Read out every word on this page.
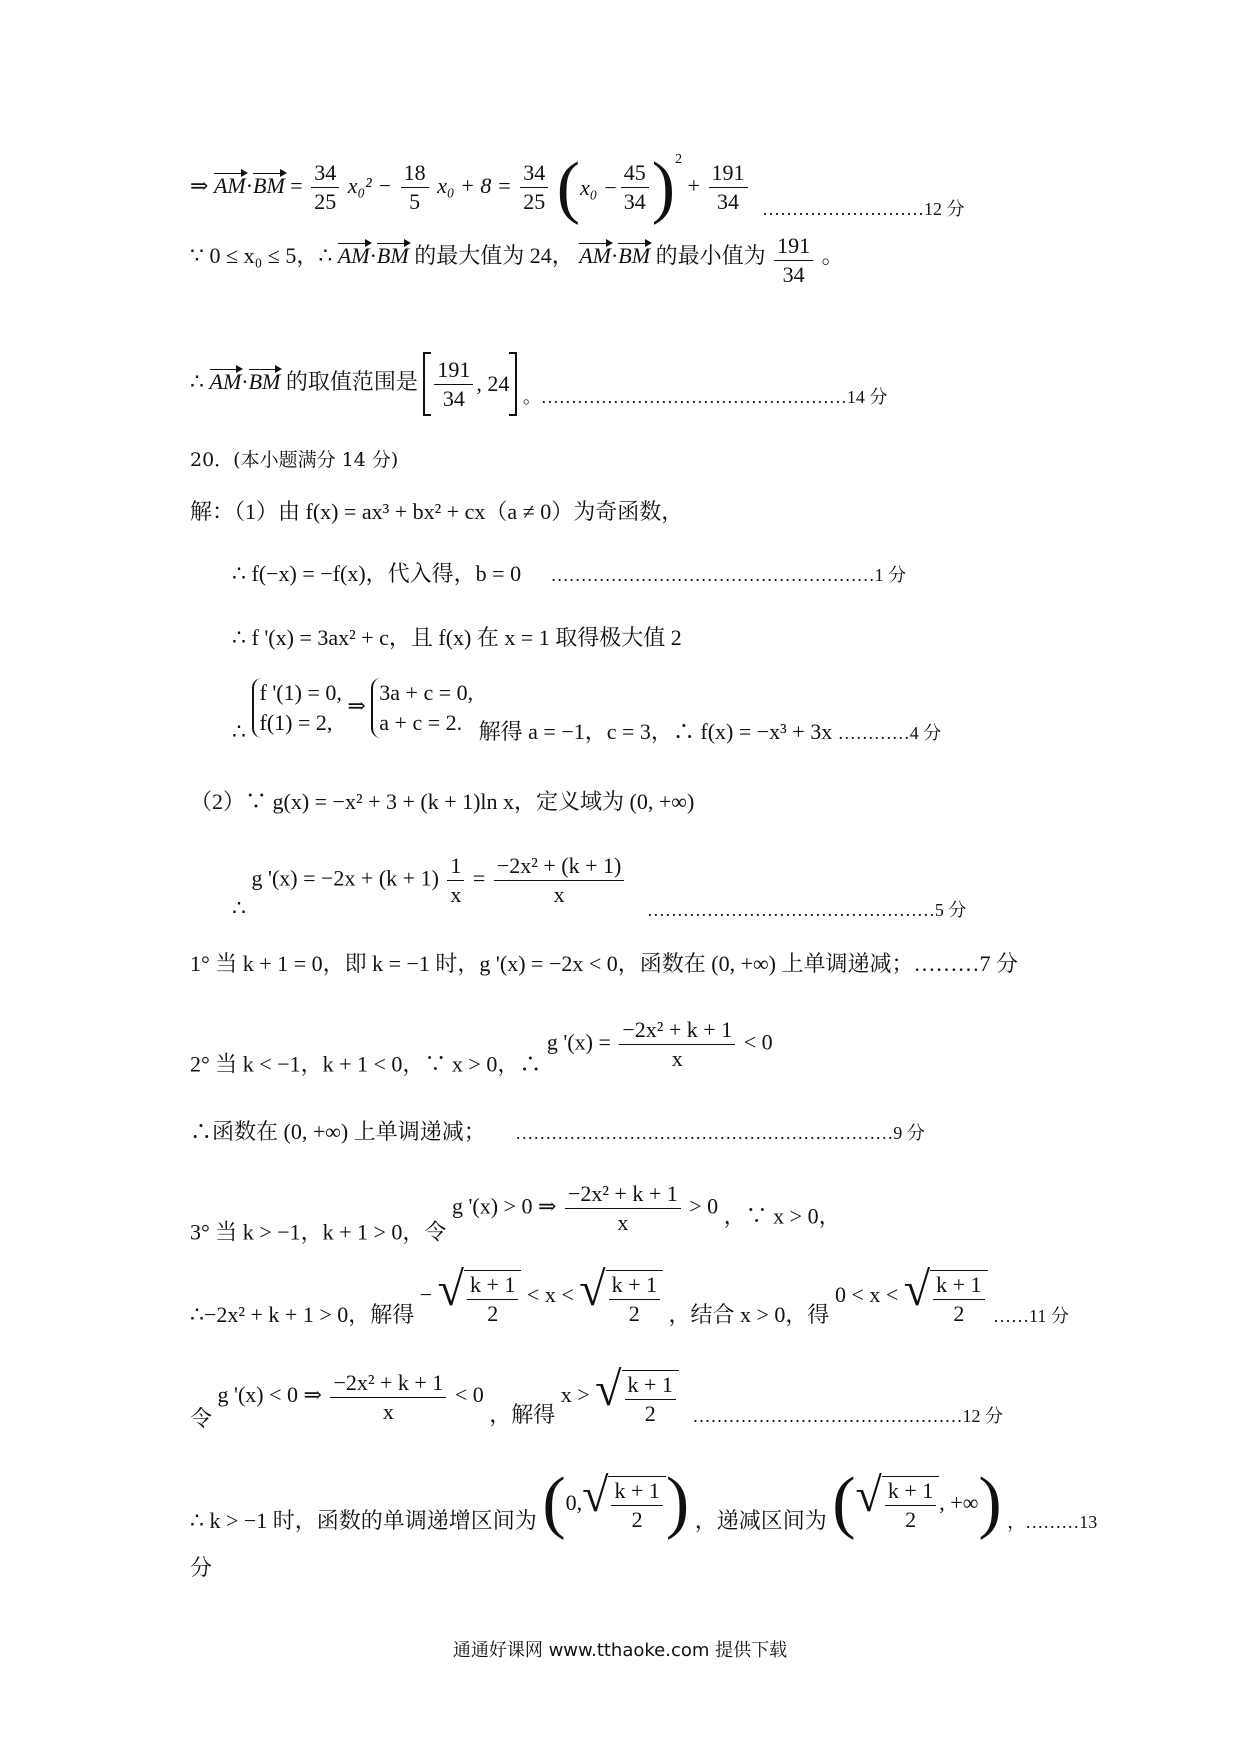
⇒ $AM\cdot BM = \frac{34}{25} x_0^2 - \frac{18}{5} x_0 + 8 = \frac{34}{25}$
( $x_0 - \frac{45}{34}$ ) $^2 + \frac{191}{34} _{\dots\dots\dots\dots\dots\dots\dots\dots\dots 12 分}$
∵ 0 ≤ x₀ ≤ 5，∴ AM·BM 的最大值为 24， AM·BM 的最小值为 $\frac{191}{34}$ 。
∴ AM·BM 的取值范围是 $\frac{191}{34}$ , 24
$_{。\dots\dots\dots\dots\dots\dots\dots\dots\dots\dots\dots\dots\dots\dots\dots\dots\dots 14 分}$
20．(本小题满分 14 分)
解：（1）由 f(x) = ax³ + bx² + cx（a ≠ 0）为奇函数，
∴ f(−x) = −f(x)，代入得，b = 0 ………………………………………………1 分
∴ f '(x) = 3ax² + c，且 f(x) 在 x = 1 取得极大值 2
∴
f '(1) = 0,
f(1) = 2,
⇒
3a + c = 0,
a + c = 2. 解得 a = −1，c = 3，∴ f(x) = −x³ + 3x $_{\dots\dots\dots\dots 4 分}$
（2）∵ g(x) = −x² + 3 + (k + 1)ln x，定义域为 (0, +∞)
∴ g '$(x) = -2x + (k + 1) \frac{1}{x} = \frac{\text{−2x² + (k + 1)}}{x}$
$_{\dots\dots\dots\dots\dots\dots\dots\dots\dots\dots\dots\dots\dots\dots\dots\dots 5 分}$
1° 当 k + 1 = 0，即 k = −1 时，g '(x) = −2x < 0，函数在 (0, +∞) 上单调递减；………7 分
2° 当 k < −1，k + 1 < 0，∵ x > 0，∴ g '$(x) = \frac{\text{−2x² + k + 1}}{x} < 0$
∴函数在 (0, +∞) 上单调递减； ………………………………………………………9 分
3° 当 k > −1，k + 1 > 0，令 g '(x) > 0 ⇒ $\frac{\text{−2x² + k + 1}}{x} > 0$ ，∵ x > 0，
∴−2x² + k + 1 > 0，解得 − √ $\frac{k + 1}{2} < x$ < √ $\frac{k + 1}{2}$ ，结合 x > 0，得 0 < x < √ $\frac{k + 1}{2} _{\dots\dots 11 分}$
令 g '(x) < 0 ⇒ $\frac{\text{−2x² + k + 1}}{x} < 0$ ，解得 x > √ $\frac{k + 1}{2} _{\dots\dots\dots\dots\dots\dots\dots\dots\dots\dots\dots\dots\dots\dots\dots 12 分}$
∴ k > −1 时，函数的单调递增区间为 ( 0, √ $\frac{k + 1}{2}$ ) ，递减区间为 ( √ $\frac{k + 1}{2}$ , +∞ ) $_{,\dots\dots\dots 13}$
分
通通好课网 www.tthaoke.com 提供下载
